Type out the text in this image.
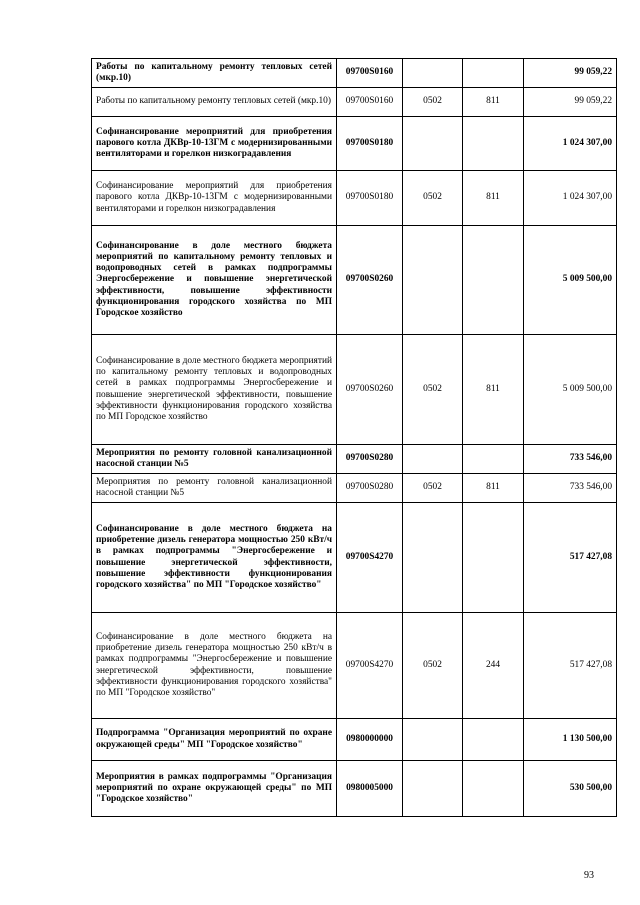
Работы по капитальному ремонту тепловых сетей (мкр.10)	09700S0160			99 059,22
Работы по капитальному ремонту тепловых сетей (мкр.10)	09700S0160	0502	811	99 059,22
Софинансирование мероприятий для приобретения парового котла ДКВр-10-13ГМ с модернизированными вентиляторами и горелкон низкоградавления	09700S0180			1 024 307,00
Софинансирование мероприятий для приобретения парового котла ДКВр-10-13ГМ с модернизированными вентиляторами и горелкон низкоградавления	09700S0180	0502	811	1 024 307,00
Софинансирование в доле местного бюджета мероприятий по капитальному ремонту тепловых и водопроводных сетей в рамках подпрограммы Энергосбережение и повышение энергетической эффективности, повышение эффективности функционирования городского хозяйства по МП Городское хозяйство	09700S0260			5 009 500,00
Софинансирование в доле местного бюджета мероприятий по капитальному ремонту тепловых и водопроводных сетей в рамках подпрограммы Энергосбережение и повышение энергетической эффективности, повышение эффективности функционирования городского хозяйства по МП Городское хозяйство	09700S0260	0502	811	5 009 500,00
Мероприятия по ремонту головной канализационной насосной станции №5	09700S0280			733 546,00
Мероприятия по ремонту головной канализационной насосной станции №5	09700S0280	0502	811	733 546,00
Софинансирование в доле местного бюджета на приобретение дизель генератора мощностью 250 кВт/ч в рамках подпрограммы "Энергосбережение и повышение энергетической эффективности, повышение эффективности функционирования городского хозяйства" по МП "Городское хозяйство"	09700S4270			517 427,08
Софинансирование в доле местного бюджета на приобретение дизель генератора мощностью 250 кВт/ч в рамках подпрограммы "Энергосбережение и повышение энергетической эффективности, повышение эффективности функционирования городского хозяйства" по МП "Городское хозяйство"	09700S4270	0502	244	517 427,08
Подпрограмма "Организация мероприятий по охране окружающей среды" МП "Городское хозяйство"	0980000000			1 130 500,00
Мероприятия в рамках подпрограммы "Организация мероприятий по охране окружающей среды" по МП "Городское хозяйство"	0980005000			530 500,00
93
